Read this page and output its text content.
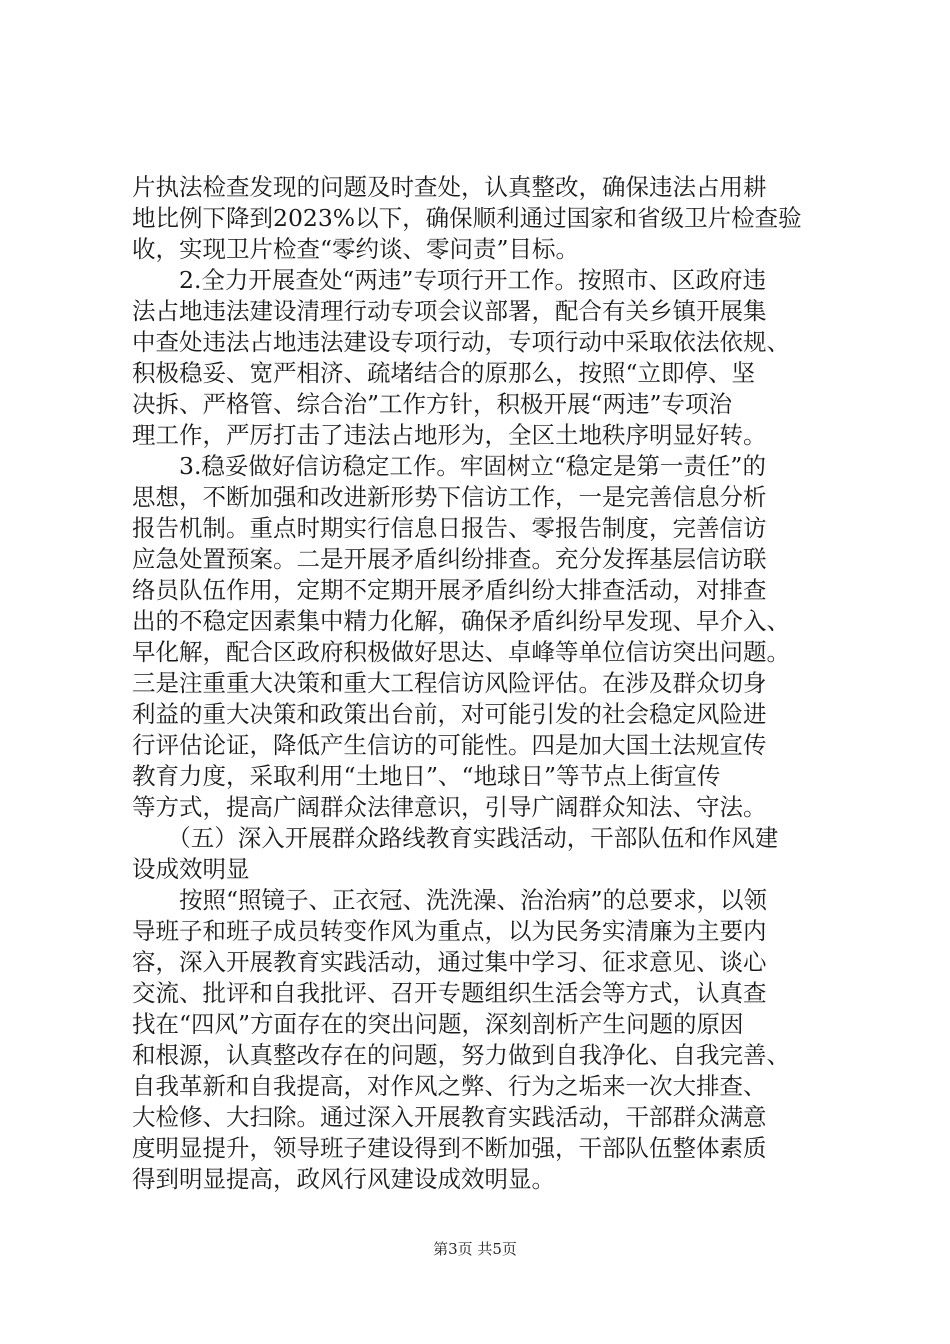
片执法检查发现的问题及时查处，认真整改，确保违法占用耕
地比例下降到2023%以下，确保顺利通过国家和省级卫片检查验
收，实现卫片检查“零约谈、零问责”目标。
　　2.全力开展查处“两违”专项行开工作。按照市、区政府违
法占地违法建设清理行动专项会议部署，配合有关乡镇开展集
中查处违法占地违法建设专项行动，专项行动中采取依法依规、
积极稳妥、宽严相济、疏堵结合的原那么，按照“立即停、坚
决拆、严格管、综合治”工作方针，积极开展“两违”专项治
理工作，严厉打击了违法占地形为，全区土地秩序明显好转。
　　3.稳妥做好信访稳定工作。牢固树立“稳定是第一责任”的
思想，不断加强和改进新形势下信访工作，一是完善信息分析
报告机制。重点时期实行信息日报告、零报告制度，完善信访
应急处置预案。二是开展矛盾纠纷排查。充分发挥基层信访联
络员队伍作用，定期不定期开展矛盾纠纷大排查活动，对排查
出的不稳定因素集中精力化解，确保矛盾纠纷早发现、早介入、
早化解，配合区政府积极做好思达、卓峰等单位信访突出问题。
三是注重重大决策和重大工程信访风险评估。在涉及群众切身
利益的重大决策和政策出台前，对可能引发的社会稳定风险进
行评估论证，降低产生信访的可能性。四是加大国土法规宣传
教育力度，采取利用“土地日”、“地球日”等节点上街宣传
等方式，提高广阔群众法律意识，引导广阔群众知法、守法。
　　（五）深入开展群众路线教育实践活动，干部队伍和作风建
设成效明显
　　按照“照镜子、正衣冠、洗洗澡、治治病”的总要求，以领
导班子和班子成员转变作风为重点，以为民务实清廉为主要内
容，深入开展教育实践活动，通过集中学习、征求意见、谈心
交流、批评和自我批评、召开专题组织生活会等方式，认真查
找在“四风”方面存在的突出问题，深刻剖析产生问题的原因
和根源，认真整改存在的问题，努力做到自我净化、自我完善、
自我革新和自我提高，对作风之弊、行为之垢来一次大排查、
大检修、大扫除。通过深入开展教育实践活动，干部群众满意
度明显提升，领导班子建设得到不断加强，干部队伍整体素质
得到明显提高，政风行风建设成效明显。
第3页 共5页
